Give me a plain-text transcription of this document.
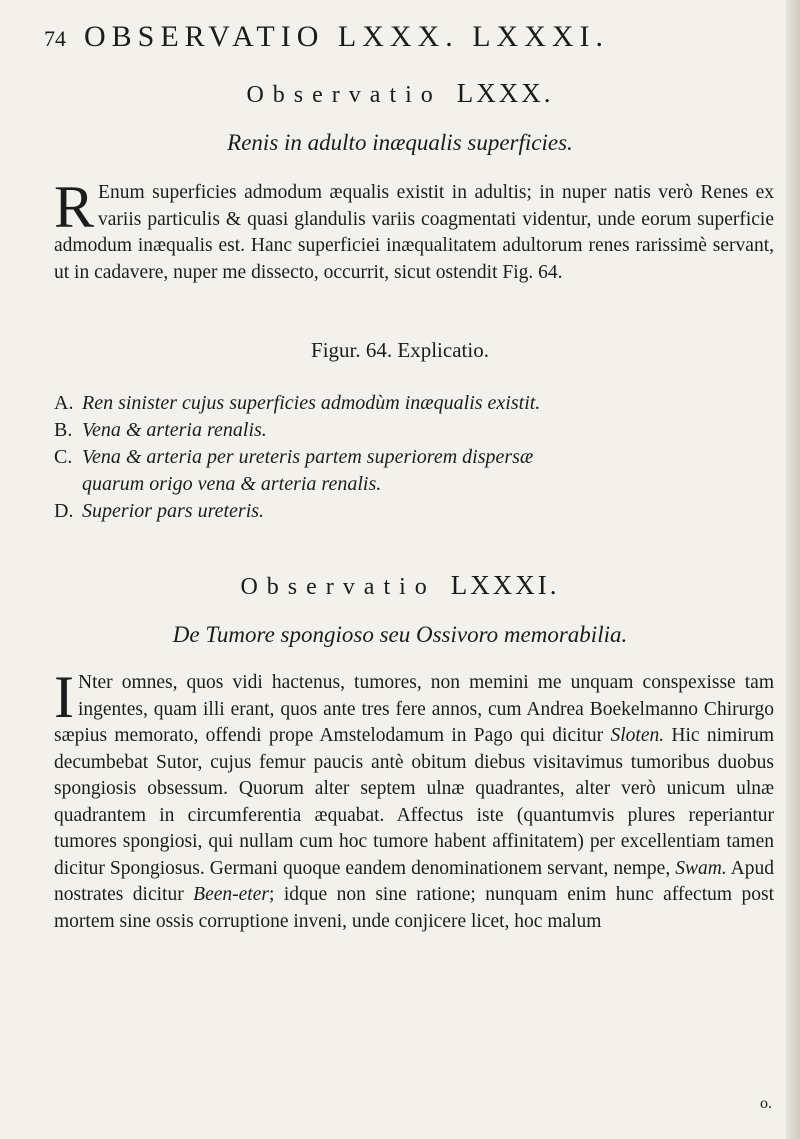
74 OBSERVATIO LXXX. LXXXI.
Observatio LXXX.
Renis in adulto inæqualis superficies.

R Enum superficies admodum æqualis existit in adultis; in nuper natis verò Renes ex variis particulis & quasi glandulis variis coagmentati videntur, unde eorum superficie admodum inæqualis est. Hanc superficiei inæqualitatem adultorum renes rarissimè servant, ut in cadavere, nuper me dissecto, occurrit, sicut ostendit Fig. 64.

Figur. 64. Explicatio.
A. Ren sinister cujus superficies admodùm inæqualis existit.
B. Vena & arteria renalis.
C. Vena & arteria per ureteris partem superiorem dispersæ
quarum origo vena & arteria renalis.
D. Superior pars ureteris.
Observatio LXXXI.
De Tumore spongioso seu Ossivoro memorabilia.

I Nter omnes, quos vidi hactenus, tumores, non memini me unquam conspexisse tam ingentes, quam illi erant, quos ante tres fere annos, cum Andrea Boekelmanno Chirurgo sæpius memorato, offendi prope Amstelodamum in Pago qui dicitur Sloten. Hic nimirum decumbebat Sutor, cujus femur paucis antè obitum diebus visitavimus tumoribus duobus spongiosis obsessum. Quorum alter septem ulnæ quadrantes, alter verò unicum ulnæ quadrantem in circumferentia æquabat. Affectus iste (quantumvis plures reperiantur tumores spongiosi, qui nullam cum hoc tumore habent affinitatem) per excellentiam tamen dicitur Spongiosus. Germani quoque eandem denominationem servant, nempe, Swam. Apud nostrates dicitur Been-eter; idque non sine ratione; nunquam enim hunc affectum post mortem sine ossis corruptione inveni, unde conjicere licet, hoc malum

o.
